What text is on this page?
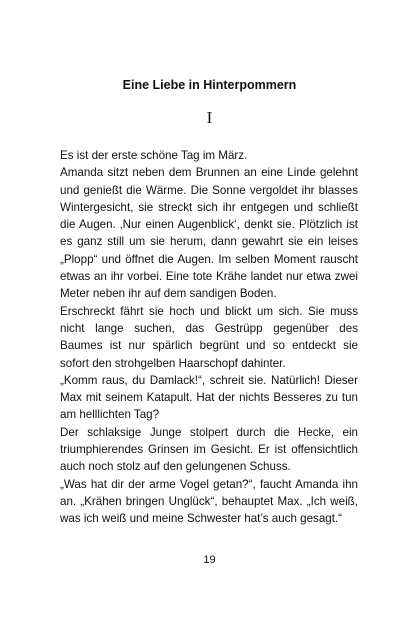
Eine Liebe in Hinterpommern
I

Es ist der erste schöne Tag im März.

Amanda sitzt neben dem Brunnen an eine Linde gelehnt und genießt die Wärme. Die Sonne vergoldet ihr blasses Wintergesicht, sie streckt sich ihr entgegen und schließt die Augen. ‚Nur einen Augenblick‘, denkt sie. Plötzlich ist es ganz still um sie herum, dann gewahrt sie ein leises „Plopp“ und öffnet die Augen. Im selben Moment rauscht etwas an ihr vorbei. Eine tote Krähe landet nur etwa zwei Meter neben ihr auf dem sandigen Boden.

Erschreckt fährt sie hoch und blickt um sich. Sie muss nicht lange suchen, das Gestrüpp gegenüber des Baumes ist nur spärlich begrünt und so entdeckt sie sofort den strohgelben Haarschopf dahinter.

„Komm raus, du Damlack!“, schreit sie. Natürlich! Dieser Max mit seinem Katapult. Hat der nichts Besseres zu tun am helllichten Tag?

Der schlaksige Junge stolpert durch die Hecke, ein triumphierendes Grinsen im Gesicht. Er ist offensichtlich auch noch stolz auf den gelungenen Schuss.

„Was hat dir der arme Vogel getan?“, faucht Amanda ihn an. „Krähen bringen Unglück“, behauptet Max. „Ich weiß, was ich weiß und meine Schwester hat’s auch gesagt.“

19
